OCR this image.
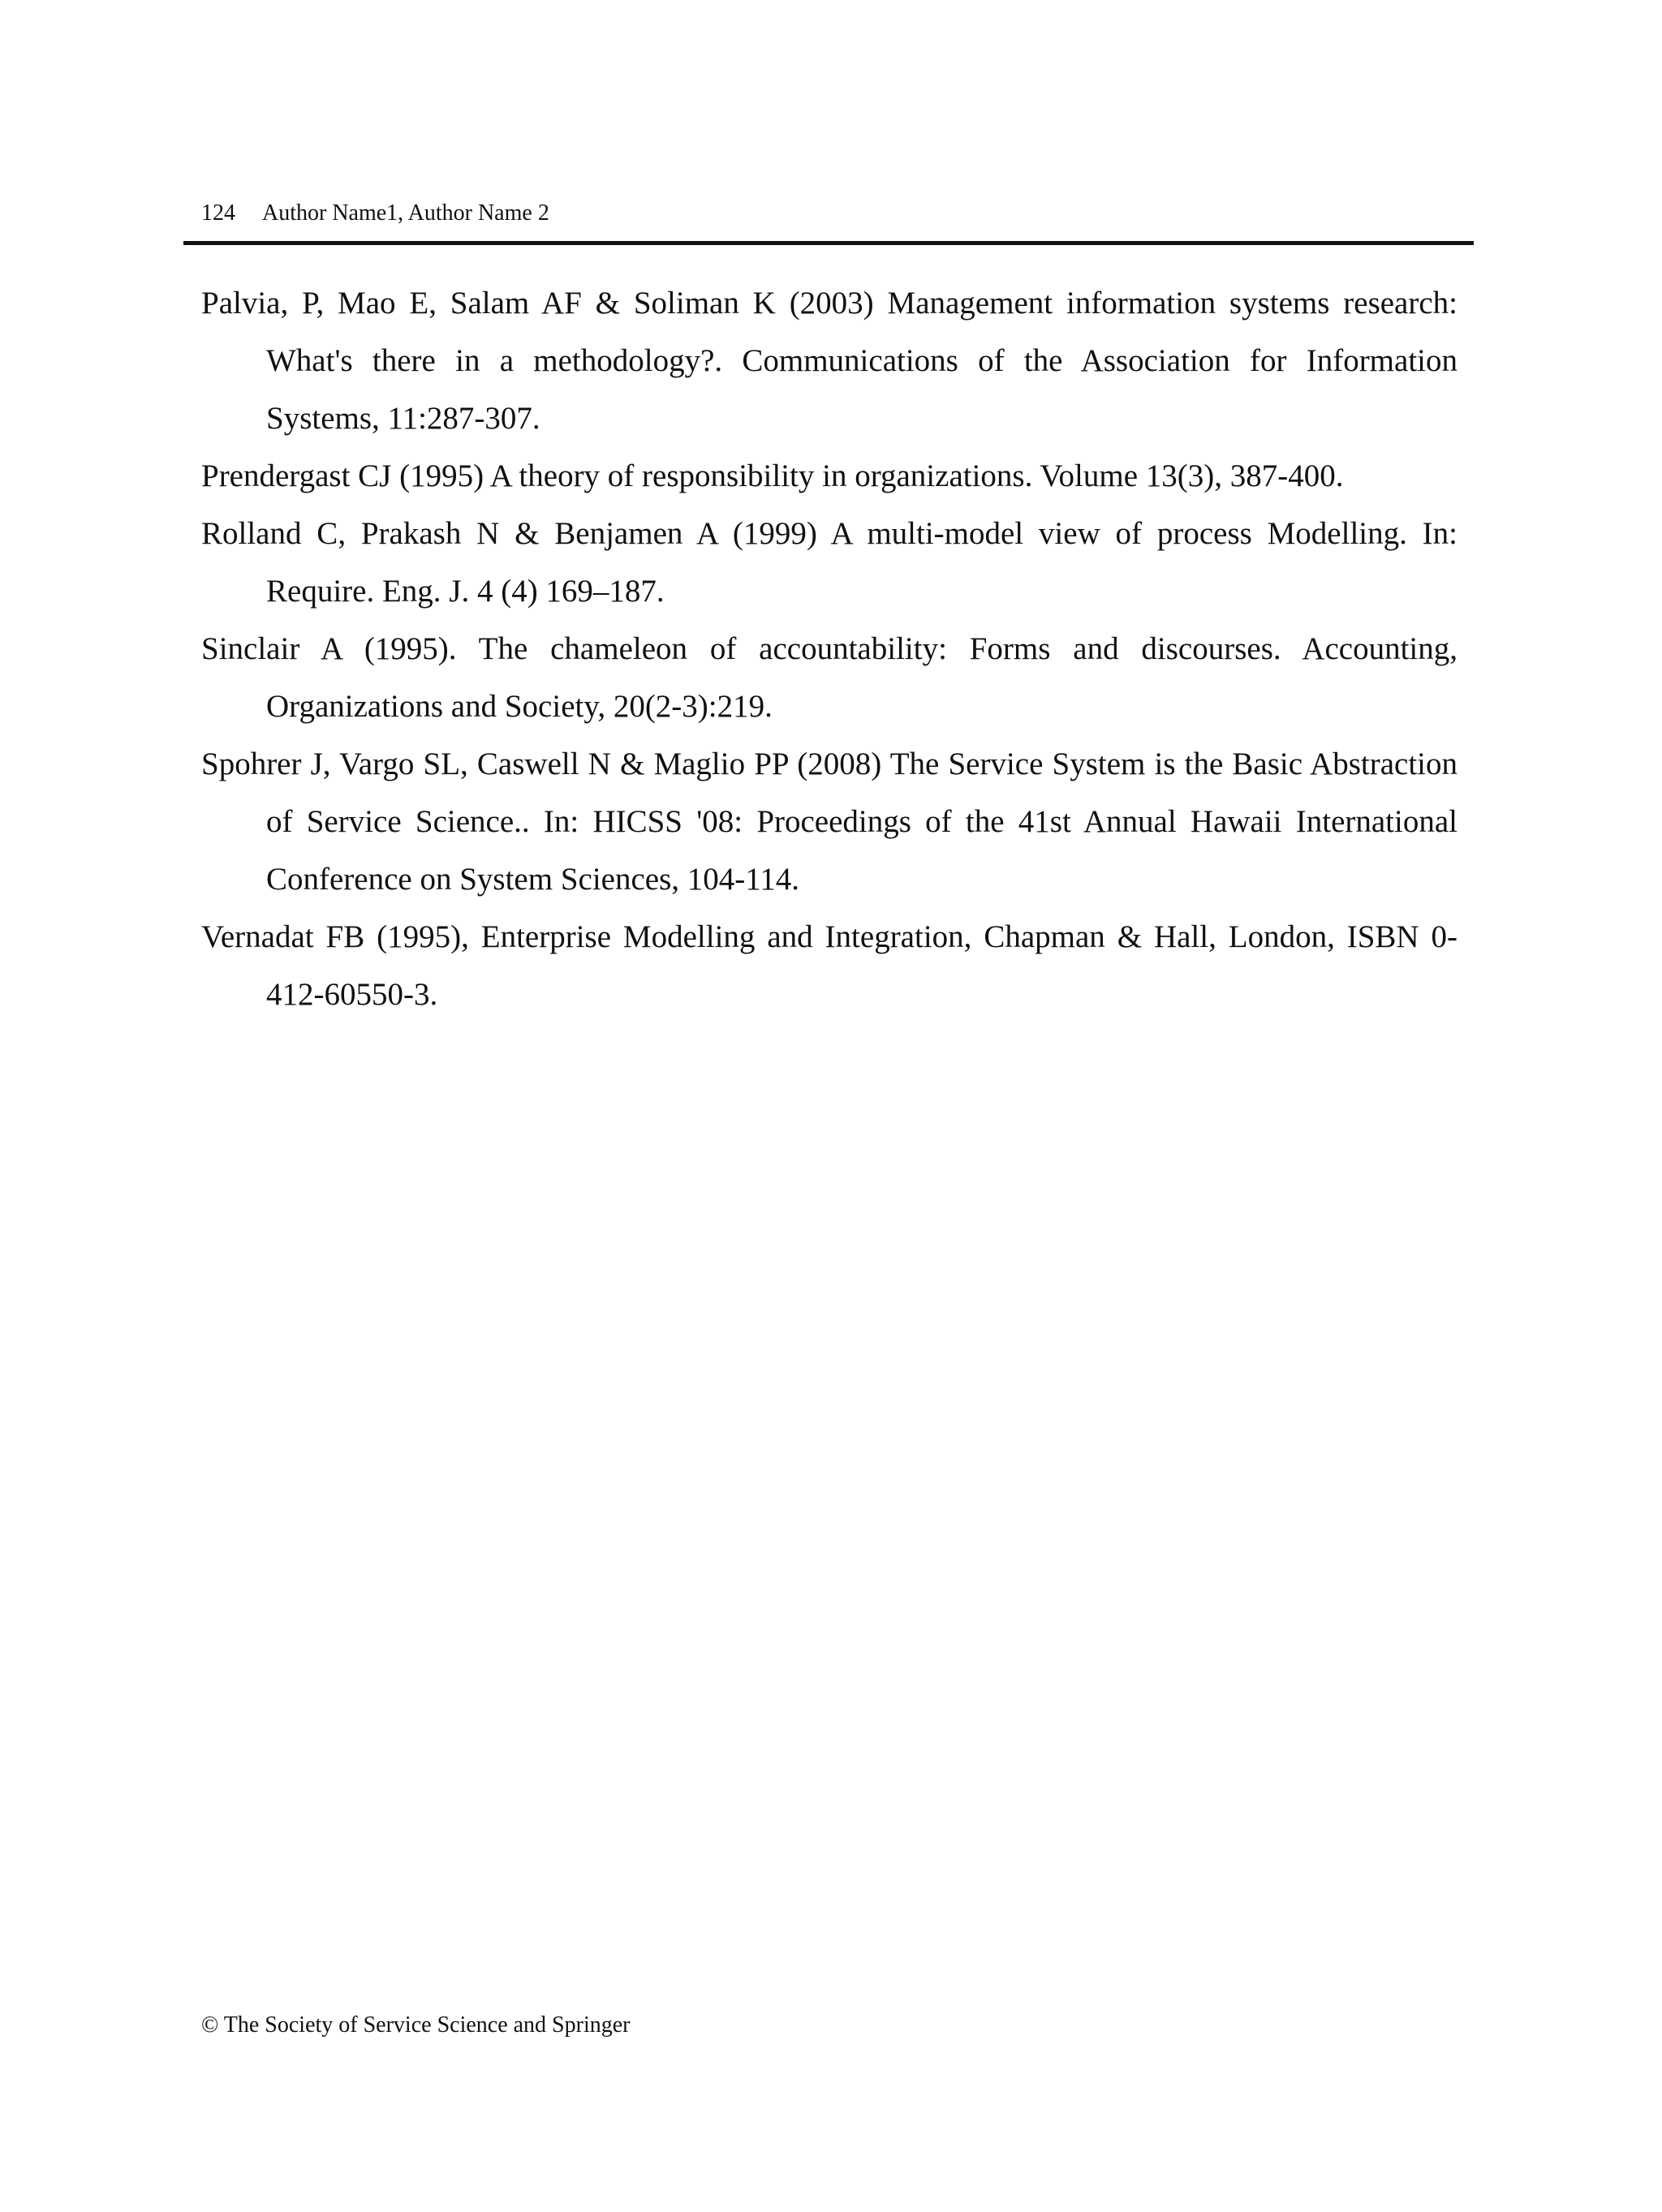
124 Author Name1, Author Name 2
Palvia, P, Mao E, Salam AF & Soliman K (2003) Management information systems research: What's there in a methodology?. Communications of the Association for Information Systems, 11:287-307.
Prendergast CJ (1995) A theory of responsibility in organizations. Volume 13(3), 387-400.
Rolland C, Prakash N & Benjamen A (1999) A multi-model view of process Modelling. In: Require. Eng. J. 4 (4) 169–187.
Sinclair A (1995). The chameleon of accountability: Forms and discourses. Accounting, Organizations and Society, 20(2-3):219.
Spohrer J, Vargo SL, Caswell N & Maglio PP (2008) The Service System is the Basic Abstraction of Service Science.. In: HICSS '08: Proceedings of the 41st Annual Hawaii International Conference on System Sciences, 104-114.
Vernadat FB (1995), Enterprise Modelling and Integration, Chapman & Hall, London, ISBN 0-412-60550-3.
© The Society of Service Science and Springer
